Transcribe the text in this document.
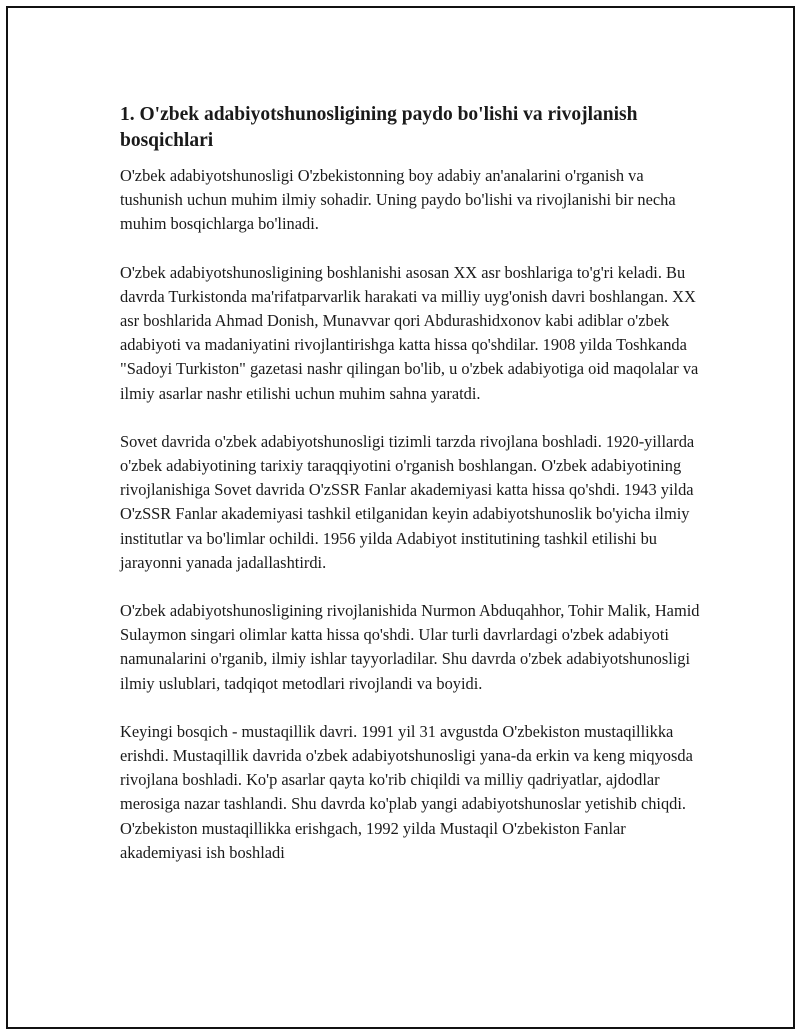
1. O'zbek adabiyotshunosligining paydo bo'lishi va rivojlanish bosqichlari

O'zbek adabiyotshunosligi O'zbekistonning boy adabiy an'analarini o'rganish va tushunish uchun muhim ilmiy sohadir. Uning paydo bo'lishi va rivojlanishi bir necha muhim bosqichlarga bo'linadi.

O'zbek adabiyotshunosligining boshlanishi asosan XX asr boshlariga to'g'ri keladi. Bu davrda Turkistonda ma'rifatparvarlik harakati va milliy uyg'onish davri boshlangan. XX asr boshlarida Ahmad Donish, Munavvar qori Abdurashidxonov kabi adiblar o'zbek adabiyoti va madaniyatini rivojlantirishga katta hissa qo'shdilar. 1908 yilda Toshkanda "Sadoyi Turkiston" gazetasi nashr qilingan bo'lib, u o'zbek adabiyotiga oid maqolalar va ilmiy asarlar nashr etilishi uchun muhim sahna yaratdi.

Sovet davrida o'zbek adabiyotshunosligi tizimli tarzda rivojlana boshladi. 1920-yillarda o'zbek adabiyotining tarixiy taraqqiyotini o'rganish boshlangan. O'zbek adabiyotining rivojlanishiga Sovet davrida O'zSSR Fanlar akademiyasi katta hissa qo'shdi. 1943 yilda O'zSSR Fanlar akademiyasi tashkil etilganidan keyin adabiyotshunoslik bo'yicha ilmiy institutlar va bo'limlar ochildi. 1956 yilda Adabiyot institutining tashkil etilishi bu jarayonni yanada jadallashtirdi.

O'zbek adabiyotshunosligining rivojlanishida Nurmon Abduqahhor, Tohir Malik, Hamid Sulaymon singari olimlar katta hissa qo'shdi. Ular turli davrlardagi o'zbek adabiyoti namunalarini o'rganib, ilmiy ishlar tayyorladilar. Shu davrda o'zbek adabiyotshunosligi ilmiy uslublari, tadqiqot metodlari rivojlandi va boyidi.

Keyingi bosqich - mustaqillik davri. 1991 yil 31 avgustda O'zbekiston mustaqillikka erishdi. Mustaqillik davrida o'zbek adabiyotshunosligi yana-da erkin va keng miqyosda rivojlana boshladi. Ko'p asarlar qayta ko'rib chiqildi va milliy qadriyatlar, ajdodlar merosiga nazar tashlandi. Shu davrda ko'plab yangi adabiyotshunoslar yetishib chiqdi. O'zbekiston mustaqillikka erishgach, 1992 yilda Mustaqil O'zbekiston Fanlar akademiyasi ish boshladi
